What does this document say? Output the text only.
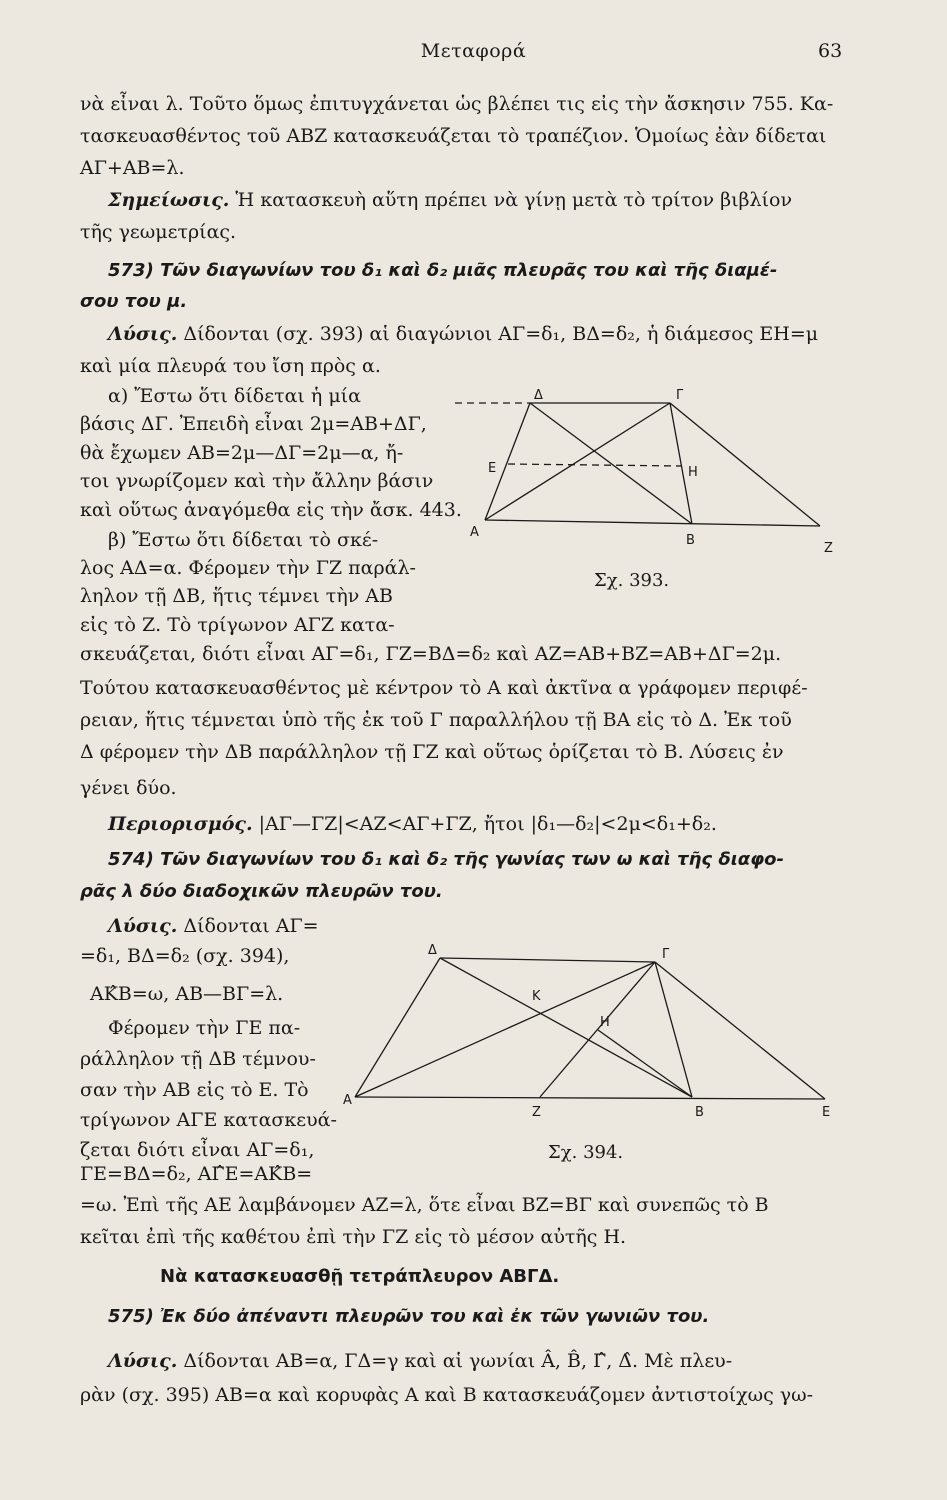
Μεταφορά	63
νὰ εἶναι λ. Τοῦτο ὅμως ἐπιτυγχάνεται ὡς βλέπει τις εἰς τὴν ἄσκησιν 755. Κα-
τασκευασθέντος τοῦ ΑΒΖ κατασκευάζεται τὸ τραπέζιον. Ὁμοίως ἐὰν δίδεται
ΑΓ+ΑΒ=λ.
Σημείωσις. Ἡ κατασκευὴ αὕτη πρέπει νὰ γίνῃ μετὰ τὸ τρίτον βιβλίον
τῆς γεωμετρίας.
573) Τῶν διαγωνίων του δ₁ καὶ δ₂ μιᾶς πλευρᾶς του καὶ τῆς διαμέ-
σου του μ.
Λύσις. Δίδονται (σχ. 393) αἱ διαγώνιοι ΑΓ=δ₁, ΒΔ=δ₂, ἡ διάμεσος ΕΗ=μ
καὶ μία πλευρά του ἴση πρὸς α.
α) Ἔστω ὅτι δίδεται ἡ μία
βάσις ΔΓ. Ἐπειδὴ εἶναι 2μ=ΑΒ+ΔΓ,
θὰ ἔχωμεν ΑΒ=2μ—ΔΓ=2μ—α, ἤ-
τοι γνωρίζομεν καὶ τὴν ἄλλην βάσιν
καὶ οὕτως ἀναγόμεθα εἰς τὴν ἄσκ. 443.
β) Ἔστω ὅτι δίδεται τὸ σκέ-
λος ΑΔ=α. Φέρομεν τὴν ΓΖ παράλ-
ληλον τῇ ΔΒ, ἥτις τέμνει τὴν ΑΒ
εἰς τὸ Ζ. Τὸ τρίγωνον ΑΓΖ κατα-
σκευάζεται, διότι εἶναι ΑΓ=δ₁, ΓΖ=ΒΔ=δ₂ καὶ ΑΖ=ΑΒ+ΒΖ=ΑΒ+ΔΓ=2μ.
Τούτου κατασκευασθέντος μὲ κέντρον τὸ Α καὶ ἀκτῖνα α γράφομεν περιφέ-
ρειαν, ἥτις τέμνεται ὑπὸ τῆς ἐκ τοῦ Γ παραλλήλου τῇ ΒΑ εἰς τὸ Δ. Ἐκ τοῦ
Δ φέρομεν τὴν ΔΒ παράλληλον τῇ ΓΖ καὶ οὕτως ὁρίζεται τὸ Β. Λύσεις ἐν
γένει δύο.
Περιορισμός. |ΑΓ—ΓΖ|<ΑΖ<ΑΓ+ΓΖ, ἤτοι |δ₁—δ₂|<2μ<δ₁+δ₂.
574) Τῶν διαγωνίων του δ₁ καὶ δ₂ τῆς γωνίας των ω καὶ τῆς διαφο-
ρᾶς λ δύο διαδοχικῶν πλευρῶν του.
Λύσις. Δίδονται ΑΓ=
=δ₁, ΒΔ=δ₂ (σχ. 394),
ΑΚ̂Β=ω, ΑΒ—ΒΓ=λ.
Φέρομεν τὴν ΓΕ πα-
ράλληλον τῇ ΔΒ τέμνου-
σαν τὴν ΑΒ εἰς τὸ Ε. Τὸ
τρίγωνον ΑΓΕ κατασκευά-
ζεται διότι εἶναι ΑΓ=δ₁,
ΓΕ=ΒΔ=δ₂, ΑΓ̂Ε=ΑΚ̂Β=
=ω. Ἐπὶ τῆς ΑΕ λαμβάνομεν ΑΖ=λ, ὅτε εἶναι ΒΖ=ΒΓ καὶ συνεπῶς τὸ Β
κεῖται ἐπὶ τῆς καθέτου ἐπὶ τὴν ΓΖ εἰς τὸ μέσον αὐτῆς Η.
Νὰ κατασκευασθῇ τετράπλευρον ΑΒΓΔ.
575) Ἐκ δύο ἀπέναντι πλευρῶν του καὶ ἐκ τῶν γωνιῶν του.
Λύσις. Δίδονται ΑΒ=α, ΓΔ=γ καὶ αἱ γωνίαι Â, B̂, Γ̂, Δ̂. Μὲ πλευ-
ρὰν (σχ. 395) ΑΒ=α καὶ κορυφὰς Α καὶ Β κατασκευάζομεν ἀντιστοίχως γω-
Δ	Γ
Ε	Η
Α
Β
Ζ
Σχ. 393.
Δ	Γ
Κ
Η
Α
Ζ	Β	Ε
Σχ. 394.
